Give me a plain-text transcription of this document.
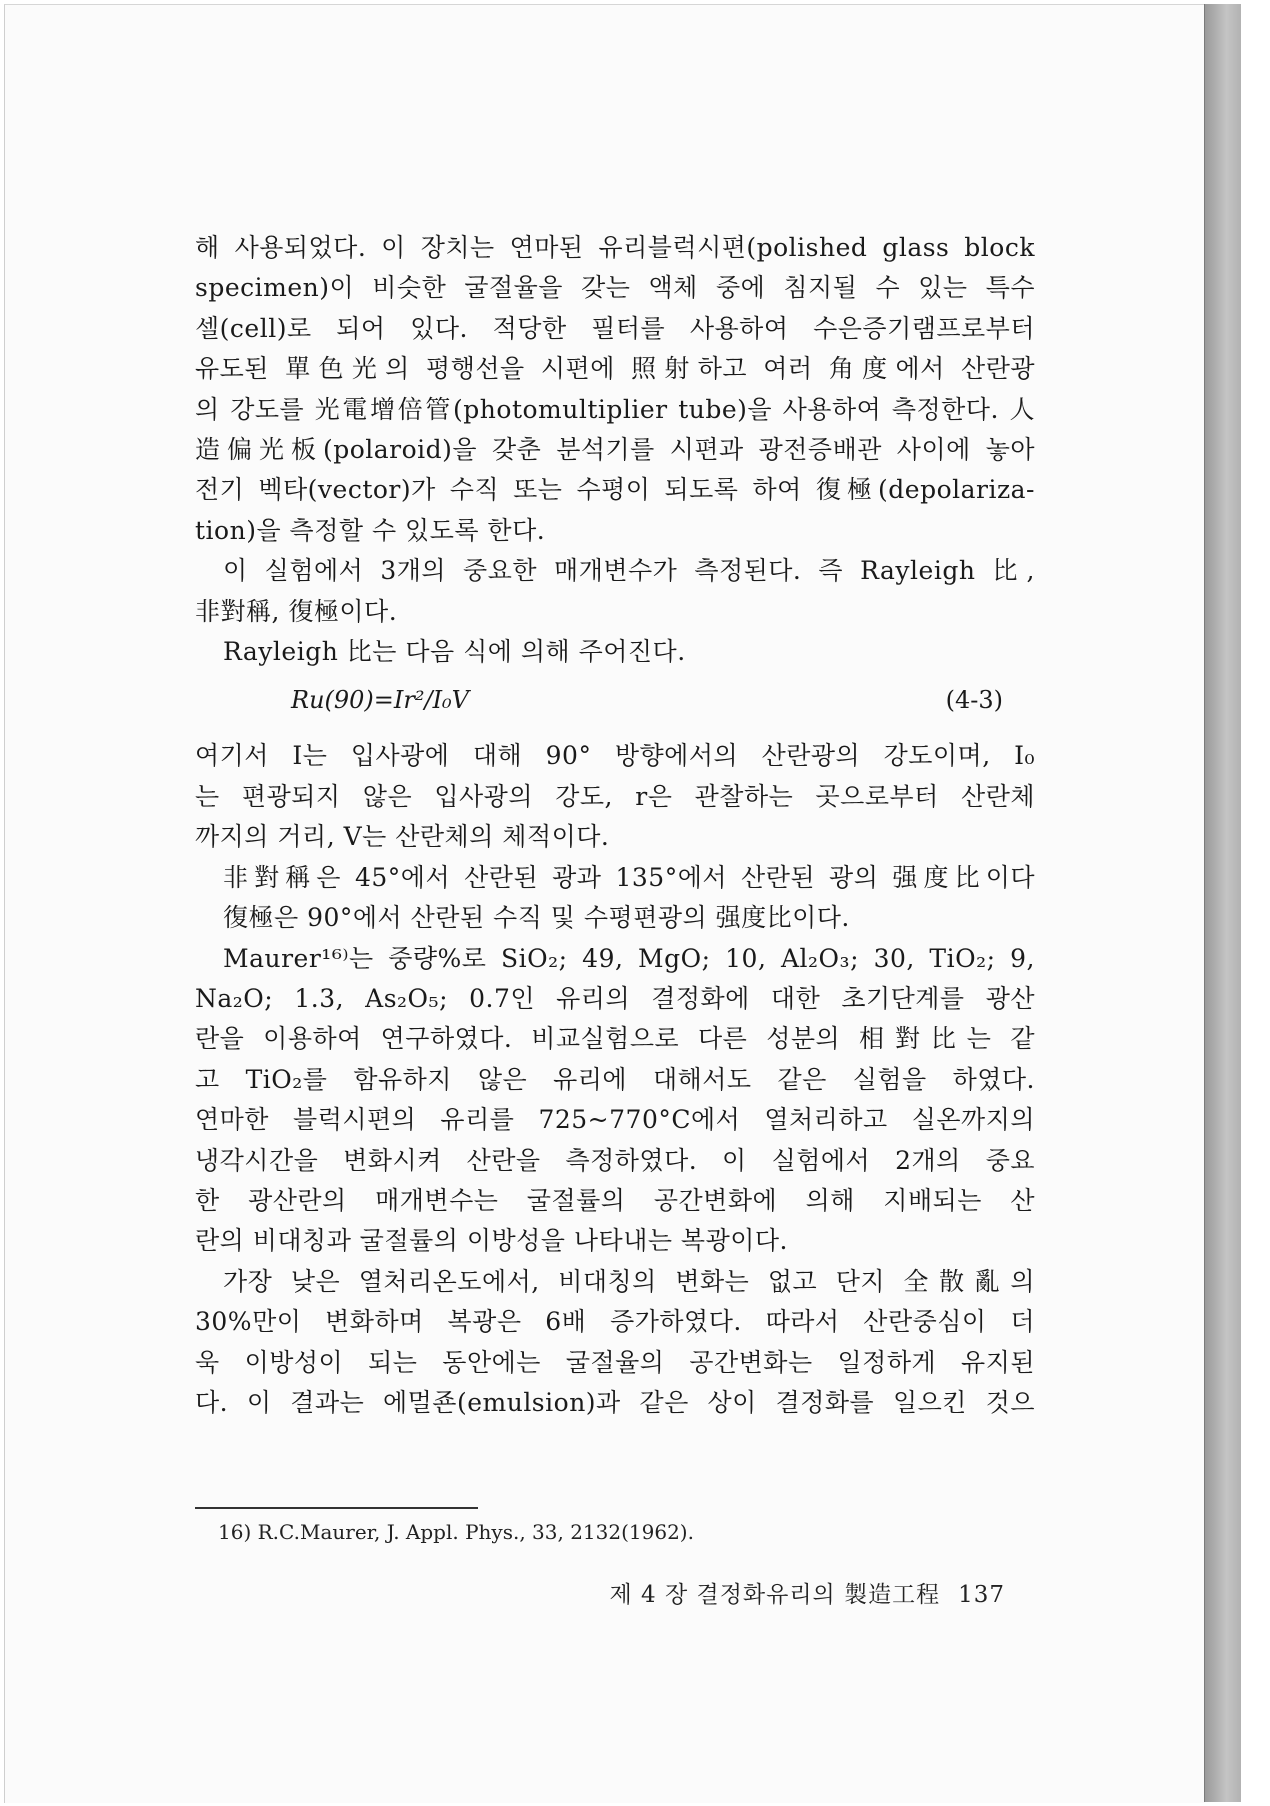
해 사용되었다. 이 장치는 연마된 유리블럭시편(polished glass block

specimen)이 비슷한 굴절율을 갖는 액체 중에 침지될 수 있는 특수

셀(cell)로 되어 있다. 적당한 필터를 사용하여 수은증기램프로부터

유도된 單色光의 평행선을 시편에 照射하고 여러 角度에서 산란광

의 강도를 光電增倍管(photomultiplier tube)을 사용하여 측정한다. 人

造偏光板(polaroid)을 갖춘 분석기를 시편과 광전증배관 사이에 놓아

전기 벡타(vector)가 수직 또는 수평이 되도록 하여 復極(depolariza-

tion)을 측정할 수 있도록 한다.

이 실험에서 3개의 중요한 매개변수가 측정된다. 즉 Rayleigh 比,

非對稱, 復極이다.

Rayleigh 比는 다음 식에 의해 주어진다.

Ru(90)=Ir²/I₀V	(4-3)

여기서 I는 입사광에 대해 90° 방향에서의 산란광의 강도이며, I₀

는 편광되지 않은 입사광의 강도, r은 관찰하는 곳으로부터 산란체

까지의 거리, V는 산란체의 체적이다.

非對稱은 45°에서 산란된 광과 135°에서 산란된 광의 强度比이다

復極은 90°에서 산란된 수직 및 수평편광의 强度比이다.

Maurer¹⁶⁾는 중량%로 SiO₂; 49, MgO; 10, Al₂O₃; 30, TiO₂; 9,

Na₂O; 1.3, As₂O₅; 0.7인 유리의 결정화에 대한 초기단계를 광산

란을 이용하여 연구하였다. 비교실험으로 다른 성분의 相對比는 같

고 TiO₂를 함유하지 않은 유리에 대해서도 같은 실험을 하였다.

연마한 블럭시편의 유리를 725~770°C에서 열처리하고 실온까지의

냉각시간을 변화시켜 산란을 측정하였다. 이 실험에서 2개의 중요

한 광산란의 매개변수는 굴절률의 공간변화에 의해 지배되는 산

란의 비대칭과 굴절률의 이방성을 나타내는 복광이다.

가장 낮은 열처리온도에서, 비대칭의 변화는 없고 단지 全散亂의

30%만이 변화하며 복광은 6배 증가하였다. 따라서 산란중심이 더

욱 이방성이 되는 동안에는 굴절율의 공간변화는 일정하게 유지된

다. 이 결과는 에멀죤(emulsion)과 같은 상이 결정화를 일으킨 것으

16) R.C.Maurer, J. Appl. Phys., 33, 2132(1962).
제 4 장 결정화유리의 製造工程 137
